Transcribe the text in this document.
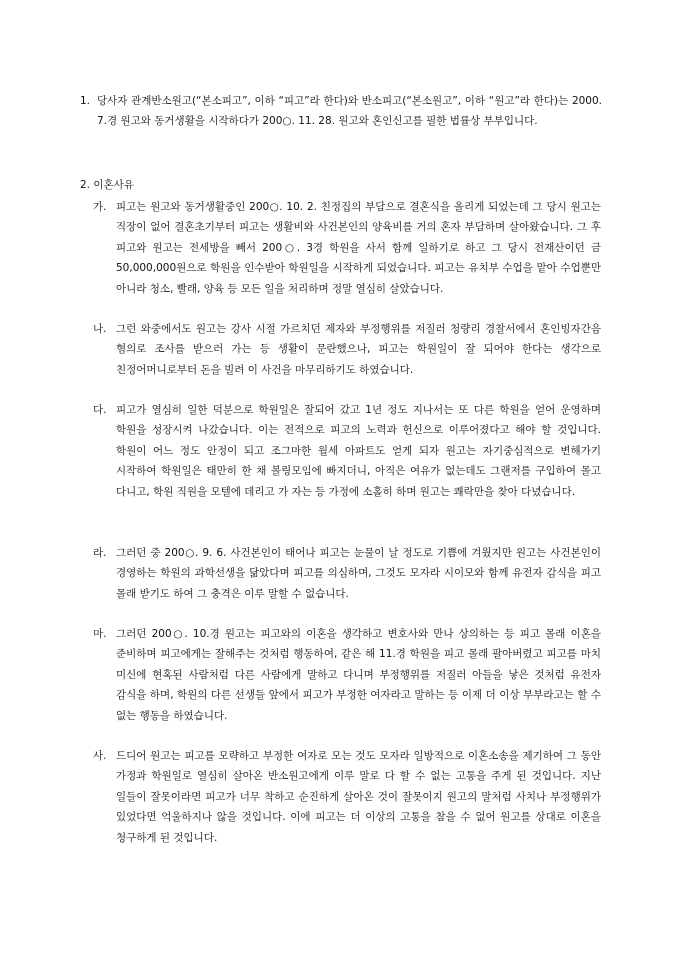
1. 당사자 관계반소원고(“본소피고”, 이하 “피고”라 한다)와 반소피고(“본소원고”, 이하 “원고”라 한다)는 2000. 7.경 원고와 동거생활을 시작하다가 200○. 11. 28. 원고와 혼인신고를 필한 법률상 부부입니다.
2. 이혼사유
가. 피고는 원고와 동거생활중인 200○. 10. 2. 친정집의 부담으로 결혼식을 올리게 되었는데 그 당시 원고는 직장이 없어 결혼초기부터 피고는 생활비와 사건본인의 양육비를 거의 혼자 부담하며 살아왔습니다. 그 후 피고와 원고는 전세방을 빼서 200○. 3경 학원을 사서 함께 일하기로 하고 그 당시 전재산이던 금 50,000,000원으로 학원을 인수받아 학원일을 시작하게 되었습니다. 피고는 유치부 수업을 맡아 수업뿐만 아니라 청소, 빨래, 양육 등 모든 일을 처리하며 정말 열심히 살았습니다.
나. 그런 와중에서도 원고는 강사 시절 가르치던 제자와 부정행위를 저질러 청량리 경찰서에서 혼인빙자간음 혐의로 조사를 받으러 가는 등 생활이 문란했으나, 피고는 학원일이 잘 되어야 한다는 생각으로 친정어머니로부터 돈을 빌려 이 사건을 마무리하기도 하였습니다.
다. 피고가 열심히 일한 덕분으로 학원일은 잘되어 갔고 1년 정도 지나서는 또 다른 학원을 얻어 운영하며 학원을 성장시켜 나갔습니다. 이는 전적으로 피고의 노력과 헌신으로 이루어졌다고 해야 할 것입니다. 학원이 어느 정도 안정이 되고 조그마한 월세 아파트도 얻게 되자 원고는 자기중심적으로 변해가기 시작하여 학원일은 태만히 한 채 볼링모임에 빠지더니, 아직은 여유가 없는데도 그랜저를 구입하여 몰고 다니고, 학원 직원을 모텔에 데리고 가 자는 등 가정에 소홀히 하며 원고는 쾌락만을 찾아 다녔습니다.
라. 그러던 중 200○. 9. 6. 사건본인이 태어나 피고는 눈물이 날 정도로 기쁨에 겨웠지만 원고는 사건본인이 경영하는 학원의 과학선생을 닮았다며 피고를 의심하며, 그것도 모자라 시이모와 함께 유전자 감식을 피고 몰래 받기도 하여 그 충격은 이루 말할 수 없습니다.
마. 그러던 200○. 10.경 원고는 피고와의 이혼을 생각하고 변호사와 만나 상의하는 등 피고 몰래 이혼을 준비하며 피고에게는 잘해주는 것처럼 행동하여, 같은 해 11.경 학원을 피고 몰래 팔아버렸고 피고를 마치 미신에 현혹된 사람처럼 다른 사람에게 말하고 다니며 부정행위를 저질러 아들을 낳은 것처럼 유전자 감식을 하며, 학원의 다른 선생들 앞에서 피고가 부정한 여자라고 말하는 등 이제 더 이상 부부라고는 할 수 없는 행동을 하였습니다.
사. 드디어 원고는 피고를 모략하고 부정한 여자로 모는 것도 모자라 일방적으로 이혼소송을 제기하여 그 동안 가정과 학원일로 열심히 살아온 반소원고에게 이루 말로 다 할 수 없는 고통을 주게 된 것입니다. 지난 일들이 잘못이라면 피고가 너무 착하고 순진하게 살아온 것이 잘못이지 원고의 말처럼 사치나 부정행위가 있었다면 억울하지나 않을 것입니다. 이에 피고는 더 이상의 고통을 참을 수 없어 원고를 상대로 이혼을 청구하게 된 것입니다.
